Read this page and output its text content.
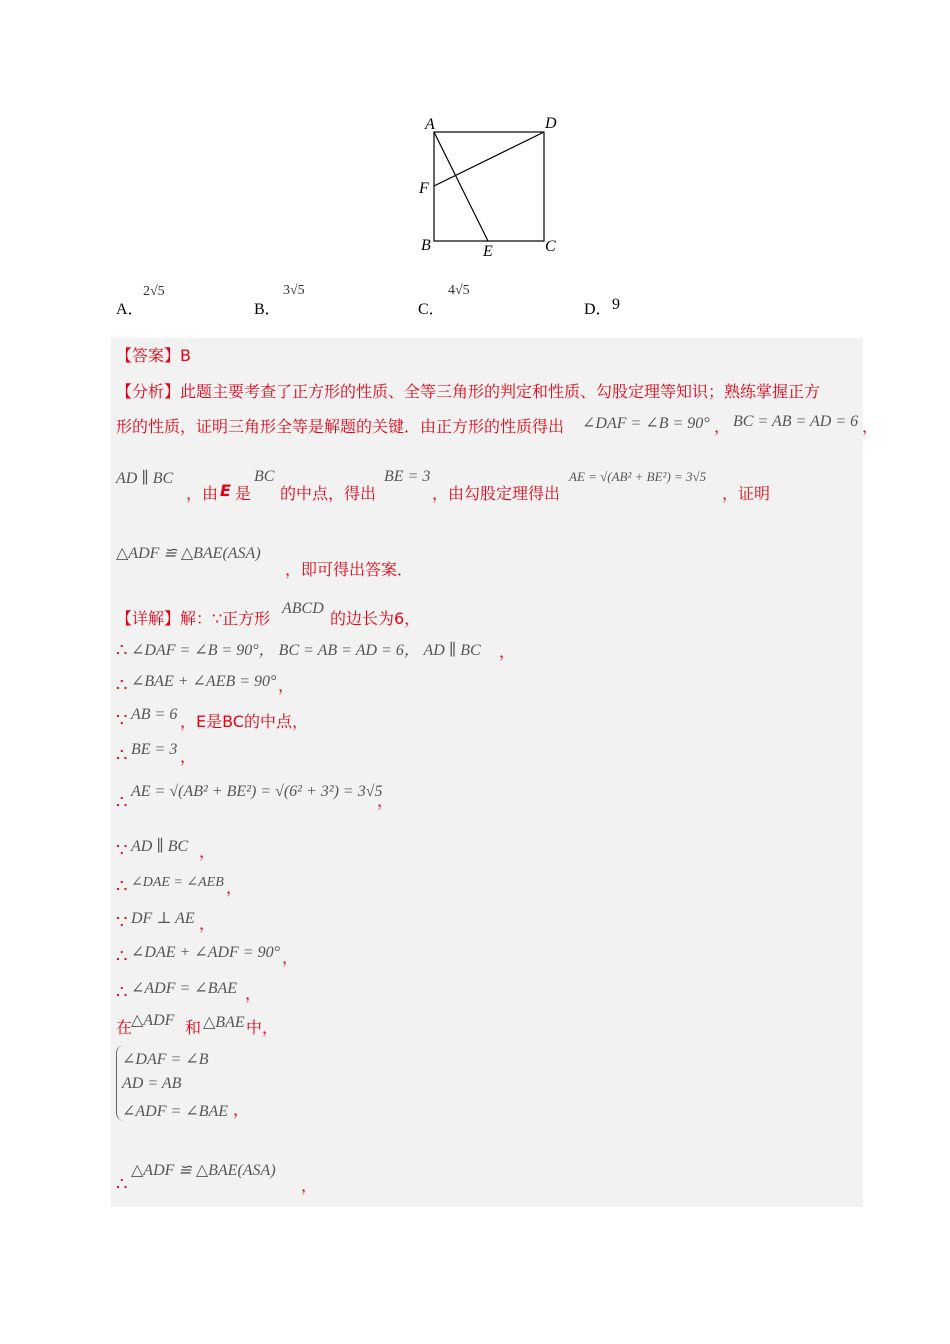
A	D
F
B	E	C
A．
2√5
B．
3√5
C．
4√5
D． 9
【答案】B
【分析】此题主要考查了正方形的性质、全等三角形的判定和性质、勾股定理等知识；熟练掌握正方
形的性质，证明三角形全等是解题的关键．由正方形的性质得出 ∠DAF = ∠B = 90° ， BC = AB = AD = 6 ，
AD ∥ BC
，由 E 是
BC
的中点，得出
BE = 3
，由勾股定理得出
AE = √(AB² + BE²) = 3√5
，证明
△ADF ≌ △BAE(ASA)
，即可得出答案．
【详解】解：∵正方形
ABCD
的边长为6，
∴ ∠DAF = ∠B = 90°， BC = AB = AD = 6， AD ∥ BC ，
∴ ∠BAE + ∠AEB = 90° ，
∵ AB = 6 ，E是BC的中点，
∴ BE = 3 ，
∴
AE = √(AB² + BE²) = √(6² + 3²) = 3√5
，
∵ AD ∥ BC ，
∴ ∠DAE = ∠AEB ，
∵ DF ⊥ AE ，
∴ ∠DAE + ∠ADF = 90° ，
∴ ∠ADF = ∠BAE ，
在
△ADF 和 △BAE 中，
∠DAF = ∠B
AD = AB
∠ADF = ∠BAE ，
∴
△ADF ≌ △BAE(ASA)
，
